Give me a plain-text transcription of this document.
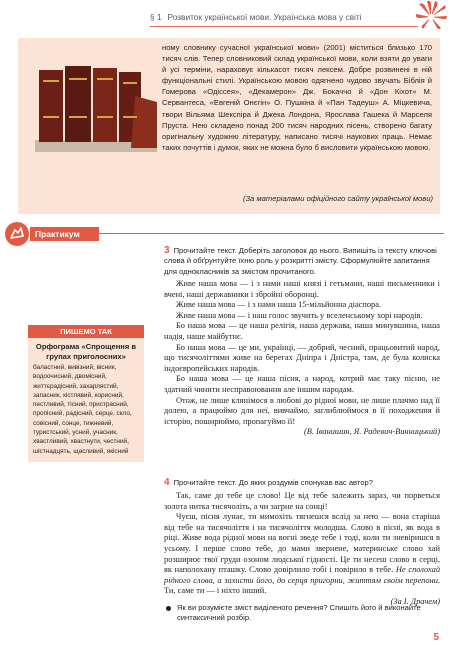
§ 1 Розвиток української мови. Українська мова у світі
ному словнику сучасної української мови» (2001) міститься близько 170 тисяч слів. Тепер словниковий склад української мови, коли взяти до уваги й усі терміни, нараховує кількасот тисяч лексем. Добре розвинені в ній функціональні стилі. Українською мовою одягнено чудово звучать Біблія й Гомерова «Одіссея», «Декамерон» Дж. Бокаччо й «Дон Кіхот» М. Сервантеса, «Евгеній Онєгін» О. Пушкіна й «Пан Тадеуш» А. Міцкевича, твори Вільяма Шекспіра й Джека Лондона, Ярослава Гашека й Марселя Пруста. Нею складено понад 200 тисяч народних пісень, створено багату оригінальну художню літературу, написано тисячі наукових праць. Немає таких почуттів і думок, яких не можна було б висловити українською мовою.
(За матеріалами офіційного сайту української мови)
Практикум
ПИШЕМО ТАК
Орфограма «Спрощення в групах приголосних»
баластний, вивізний, вісник, водоочисний, двомісний, життєрадісний, захарлястий, запасник, кістлявий, корисний, пестливий, тісний, пристрасний, пропісний, радісний, серце, скло, совісний, сонце, тижневий, туристський, усний, учасник, хвастливий, хвастнути, честний, шістнадцять, щасливий, якісний
3 Прочитайте текст. Доберіть заголовок до нього. Випишіть із тексту ключові слова й обґрунтуйте їхню роль у розкритті змісту. Сформулюйте запитання для однокласників за змістом прочитаного.

Живе наша мова — і з нами наші князі і гетьмани, наші письменники і вчені, наші державники і збройні оборонці.

Живе наша мова — і з нами наша 15-мільйонна діаспора.

Живе наша мова — і наш голос звучить у вселенському хорі народів.

Бо наша мова — це наша релігія, наша держава, наша минувшина, наша надія, наше майбутнє.

Бо наша мова — це ми, українці, — добрий, чесний, працьовитий народ, що тисячоліттями живе на берегах Дніпра і Дністра, там, де була колиска індоєвропейських народів.

Бо наша мова — це наша пісня, а народ, котрий має таку пісню, не здатний чинити несправоювання але іншим народам.

Отож, не лише клянімося в любові до рідної мови, не лише плачмо над її долею, а працюймо для неї, вивчаймо, заглиблюймося в її походження й історію, поширюймо, пропагуймо її!

(В. Іванишин, Я. Радевич-Винницький)

4 Прочитайте текст. До яких роздумів спонукав вас автор?

Так, саме до тебе це слово! Це від тебе залежить зараз, чи порветься золота нитка тисячоліть, а чи загрне на сонці!

Чуєш, пісня лунає, ти мимохіть тягнешся вслід за нею — вона старіша від тебе на тисячоліття і на тисячоліття молодша. Слово в пісні, як вода в ріці. Живе вода рідної мови на вогні зведе тебе і тоді, коли ти зневіришся в усьому. І перше слово тебе, до мами звернене, материнське слово хай розширює твої груди озоном людської гідності. Це ти несеш слово в серці, як наполохану пташку. Слово довірлило тобі і повірило в тебе. Не сполохай рідного слова, а захисти його, до серця пригорни, життям своїм перепони. Ти, саме ти — і ніхто інший.

(За І. Драчем)

Як ви розумієте зміст виділеного речення? Спишіть його й виконайте синтаксичний розбір.
5
